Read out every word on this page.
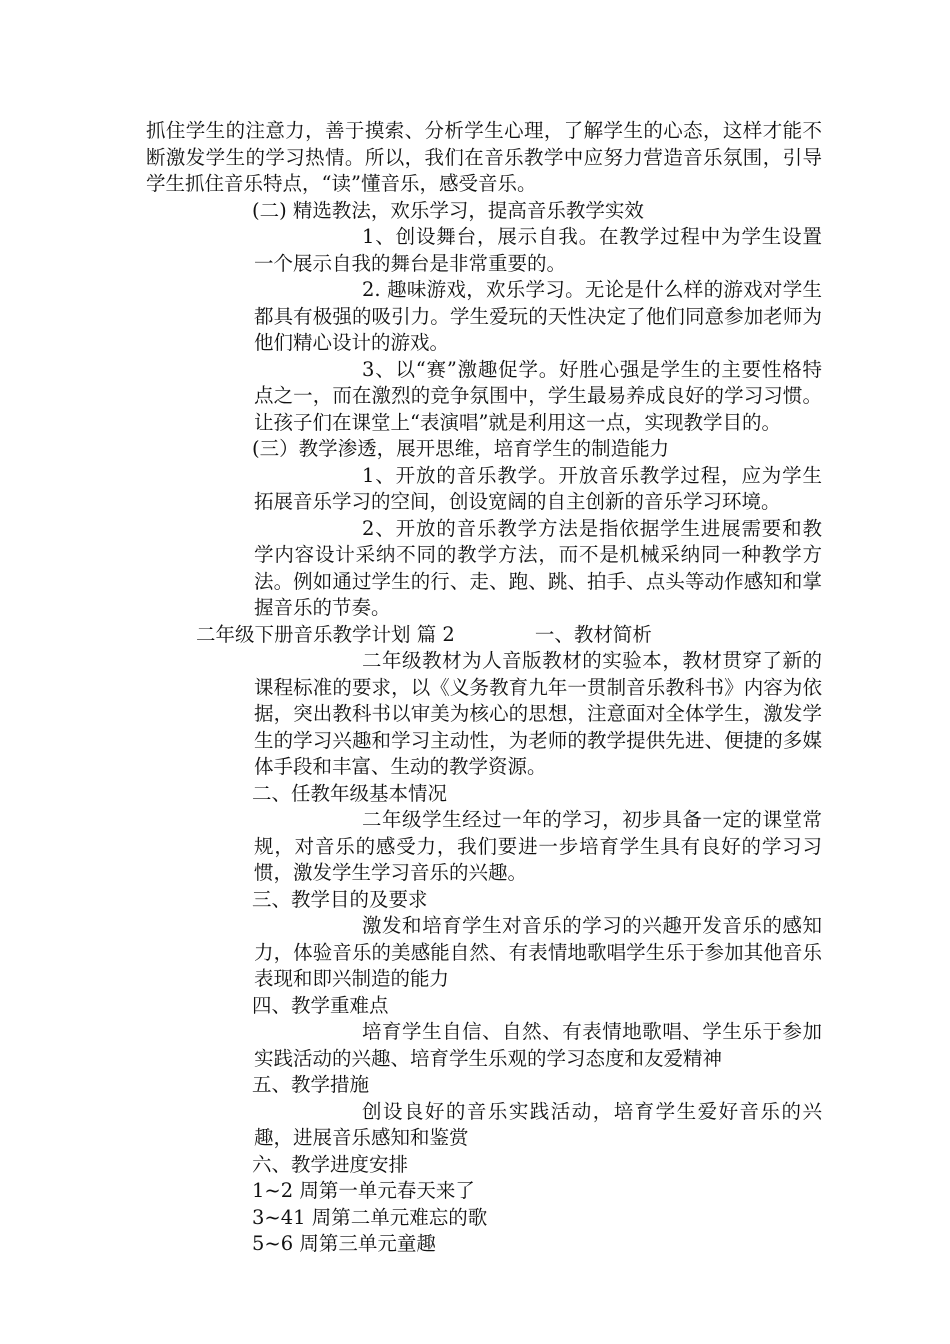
抓住学生的注意力，善于摸索、分析学生心理，了解学生的心态，这样才能不断激发学生的学习热情。所以，我们在音乐教学中应努力营造音乐氛围，引导学生抓住音乐特点，“读”懂音乐，感受音乐。

(二) 精选教法，欢乐学习，提高音乐教学实效

1、创设舞台，展示自我。在教学过程中为学生设置一个展示自我的舞台是非常重要的。

2. 趣味游戏，欢乐学习。无论是什么样的游戏对学生都具有极强的吸引力。学生爱玩的天性决定了他们同意参加老师为他们精心设计的游戏。

3、以“赛”激趣促学。好胜心强是学生的主要性格特点之一，而在激烈的竞争氛围中，学生最易养成良好的学习习惯。让孩子们在课堂上“表演唱”就是利用这一点，实现教学目的。

(三）教学渗透，展开思维，培育学生的制造能力

1、开放的音乐教学。开放音乐教学过程，应为学生拓展音乐学习的空间，创设宽阔的自主创新的音乐学习环境。

2、开放的音乐教学方法是指依据学生进展需要和教学内容设计采纳不同的教学方法，而不是机械采纳同一种教学方法。例如通过学生的行、走、跑、跳、拍手、点头等动作感知和掌握音乐的节奏。

二年级下册音乐教学计划 篇 2	一、教材简析

二年级教材为人音版教材的实验本，教材贯穿了新的课程标准的要求，以《义务教育九年一贯制音乐教科书》内容为依据，突出教科书以审美为核心的思想，注意面对全体学生，激发学生的学习兴趣和学习主动性，为老师的教学提供先进、便捷的多媒体手段和丰富、生动的教学资源。

二、任教年级基本情况

二年级学生经过一年的学习，初步具备一定的课堂常规，对音乐的感受力，我们要进一步培育学生具有良好的学习习惯，激发学生学习音乐的兴趣。

三、教学目的及要求

激发和培育学生对音乐的学习的兴趣开发音乐的感知力，体验音乐的美感能自然、有表情地歌唱学生乐于参加其他音乐表现和即兴制造的能力

四、教学重难点

培育学生自信、自然、有表情地歌唱、学生乐于参加实践活动的兴趣、培育学生乐观的学习态度和友爱精神

五、教学措施

创设良好的音乐实践活动，培育学生爱好音乐的兴趣，进展音乐感知和鉴赏

六、教学进度安排

1~2 周第一单元春天来了

3~41 周第二单元难忘的歌

5~6 周第三单元童趣
